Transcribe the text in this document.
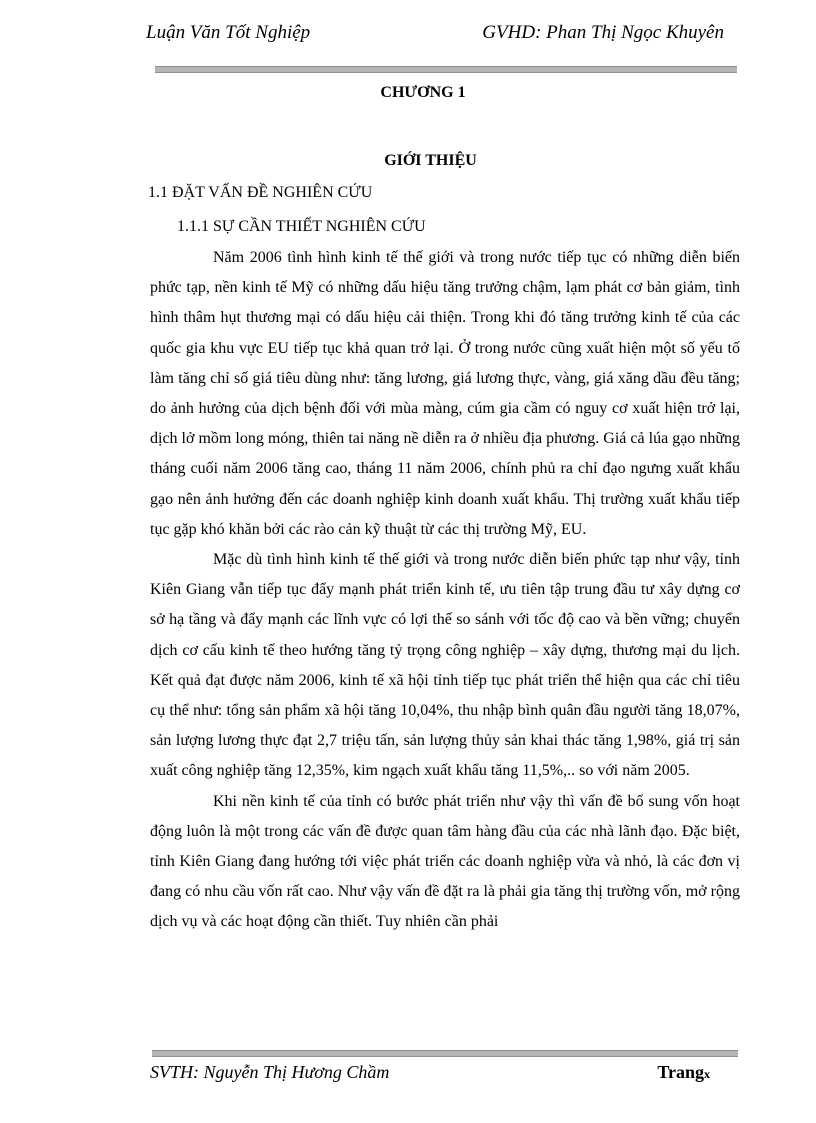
Luận Văn Tốt Nghiệp	GVHD: Phan Thị Ngọc Khuyên
CHƯƠNG 1
GIỚI THIỆU
1.1 ĐẶT VẤN ĐỀ NGHIÊN CỨU
1.1.1 SỰ CẦN THIẾT NGHIÊN CỨU

Năm 2006 tình hình kinh tế thế giới và trong nước tiếp tục có những diễn biến phức tạp, nền kinh tế Mỹ có những dấu hiệu tăng trưởng chậm, lạm phát cơ bản giảm, tình hình thâm hụt thương mại có dấu hiệu cải thiện. Trong khi đó tăng trưởng kinh tế của các quốc gia khu vực EU tiếp tục khả quan trở lại. Ở trong nước cũng xuất hiện một số yếu tố làm tăng chỉ số giá tiêu dùng như: tăng lương, giá lương thực, vàng, giá xăng dầu đều tăng; do ảnh hưởng của dịch bệnh đối với mùa màng, cúm gia cầm có nguy cơ xuất hiện trở lại, dịch lở mồm long móng, thiên tai năng nề diễn ra ở nhiều địa phương. Giá cả lúa gạo những tháng cuối năm 2006 tăng cao, tháng 11 năm 2006, chính phủ ra chỉ đạo ngưng xuất khẩu gạo nên ảnh hưởng đến các doanh nghiệp kinh doanh xuất khẩu. Thị trường xuất khẩu tiếp tục gặp khó khăn bởi các rào cản kỹ thuật từ các thị trường Mỹ, EU.

Mặc dù tình hình kinh tế thế giới và trong nước diễn biến phức tạp như vậy, tỉnh Kiên Giang vẫn tiếp tục đẩy mạnh phát triển kinh tế, ưu tiên tập trung đầu tư xây dựng cơ sở hạ tầng và đẩy mạnh các lĩnh vực có lợi thế so sánh với tốc độ cao và bền vững; chuyển dịch cơ cấu kinh tế theo hướng tăng tỷ trọng công nghiệp – xây dựng, thương mại du lịch. Kết quả đạt được năm 2006, kinh tế xã hội tỉnh tiếp tục phát triển thể hiện qua các chỉ tiêu cụ thể như: tổng sản phẩm xã hội tăng 10,04%, thu nhập bình quân đầu người tăng 18,07%, sản lượng lương thực đạt 2,7 triệu tấn, sản lượng thủy sản khai thác tăng 1,98%, giá trị sản xuất công nghiệp tăng 12,35%, kim ngạch xuất khẩu tăng 11,5%,.. so với năm 2005.

Khi nền kinh tế của tỉnh có bước phát triển như vậy thì vấn đề bổ sung vốn hoạt động luôn là một trong các vấn đề được quan tâm hàng đầu của các nhà lãnh đạo. Đặc biệt, tỉnh Kiên Giang đang hướng tới việc phát triển các doanh nghiệp vừa và nhỏ, là các đơn vị đang có nhu cầu vốn rất cao. Như vậy vấn đề đặt ra là phải gia tăng thị trường vốn, mở rộng dịch vụ và các hoạt động cần thiết. Tuy nhiên cần phải

SVTH: Nguyễn Thị Hương Chầm	Trangx
